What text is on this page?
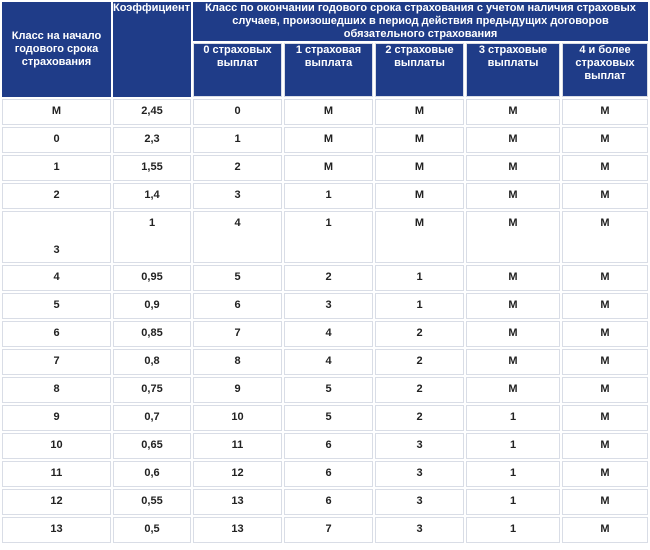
Класс на начало годового срока страхования	Коэффициент	Класс по окончании годового срока страхования с учетом наличия страховых случаев, произошедших в период действия предыдущих договоров обязательного страхования				
		0 страховых выплат	1 страховая выплата	2 страховые выплаты	3 страховые выплаты	4 и более страховых выплат
М	2,45	0	М	М	М	М
0	2,3	1	М	М	М	М
1	1,55	2	М	М	М	М
2	1,4	3	1	М	М	М
3	1	4	1	М	М	М
4	0,95	5	2	1	М	М
5	0,9	6	3	1	М	М
6	0,85	7	4	2	М	М
7	0,8	8	4	2	М	М
8	0,75	9	5	2	М	М
9	0,7	10	5	2	1	М
10	0,65	11	6	3	1	М
11	0,6	12	6	3	1	М
12	0,55	13	6	3	1	М
13	0,5	13	7	3	1	М
